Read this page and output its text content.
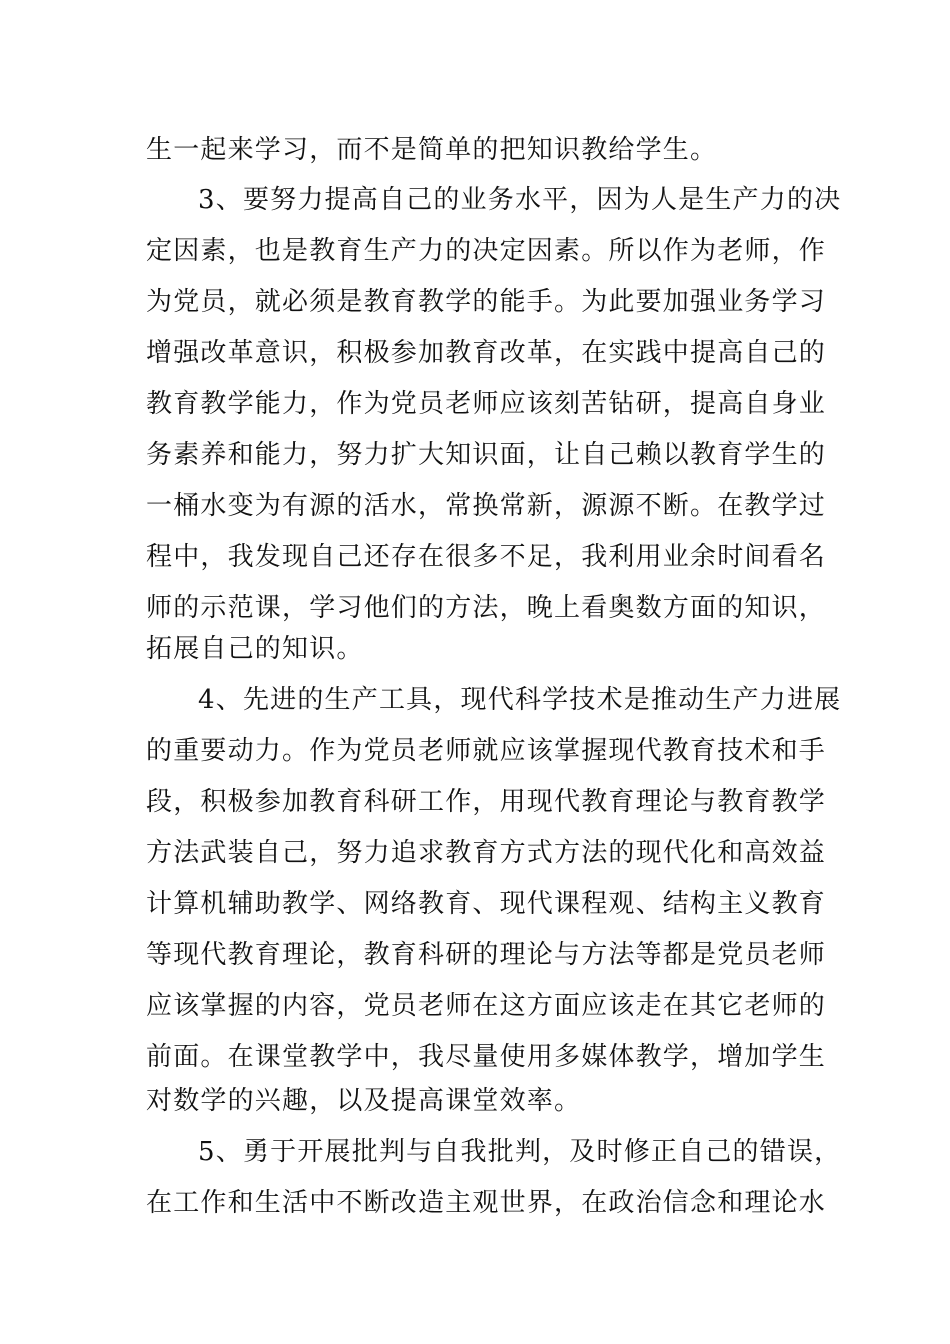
生一起来学习，而不是简单的把知识教给学生。
3、要努力提高自己的业务水平，因为人是生产力的决
定因素，也是教育生产力的决定因素。所以作为老师，作
为党员，就必须是教育教学的能手。为此要加强业务学习
增强改革意识，积极参加教育改革，在实践中提高自己的
教育教学能力，作为党员老师应该刻苦钻研，提高自身业
务素养和能力，努力扩大知识面，让自己赖以教育学生的
一桶水变为有源的活水，常换常新，源源不断。在教学过
程中，我发现自己还存在很多不足，我利用业余时间看名
师的示范课，学习他们的方法，晚上看奥数方面的知识，
拓展自己的知识。
4、先进的生产工具，现代科学技术是推动生产力进展
的重要动力。作为党员老师就应该掌握现代教育技术和手
段，积极参加教育科研工作，用现代教育理论与教育教学
方法武装自己，努力追求教育方式方法的现代化和高效益
计算机辅助教学、网络教育、现代课程观、结构主义教育
等现代教育理论，教育科研的理论与方法等都是党员老师
应该掌握的内容，党员老师在这方面应该走在其它老师的
前面。在课堂教学中，我尽量使用多媒体教学，增加学生
对数学的兴趣，以及提高课堂效率。
5、勇于开展批判与自我批判，及时修正自己的错误，
在工作和生活中不断改造主观世界，在政治信念和理论水
